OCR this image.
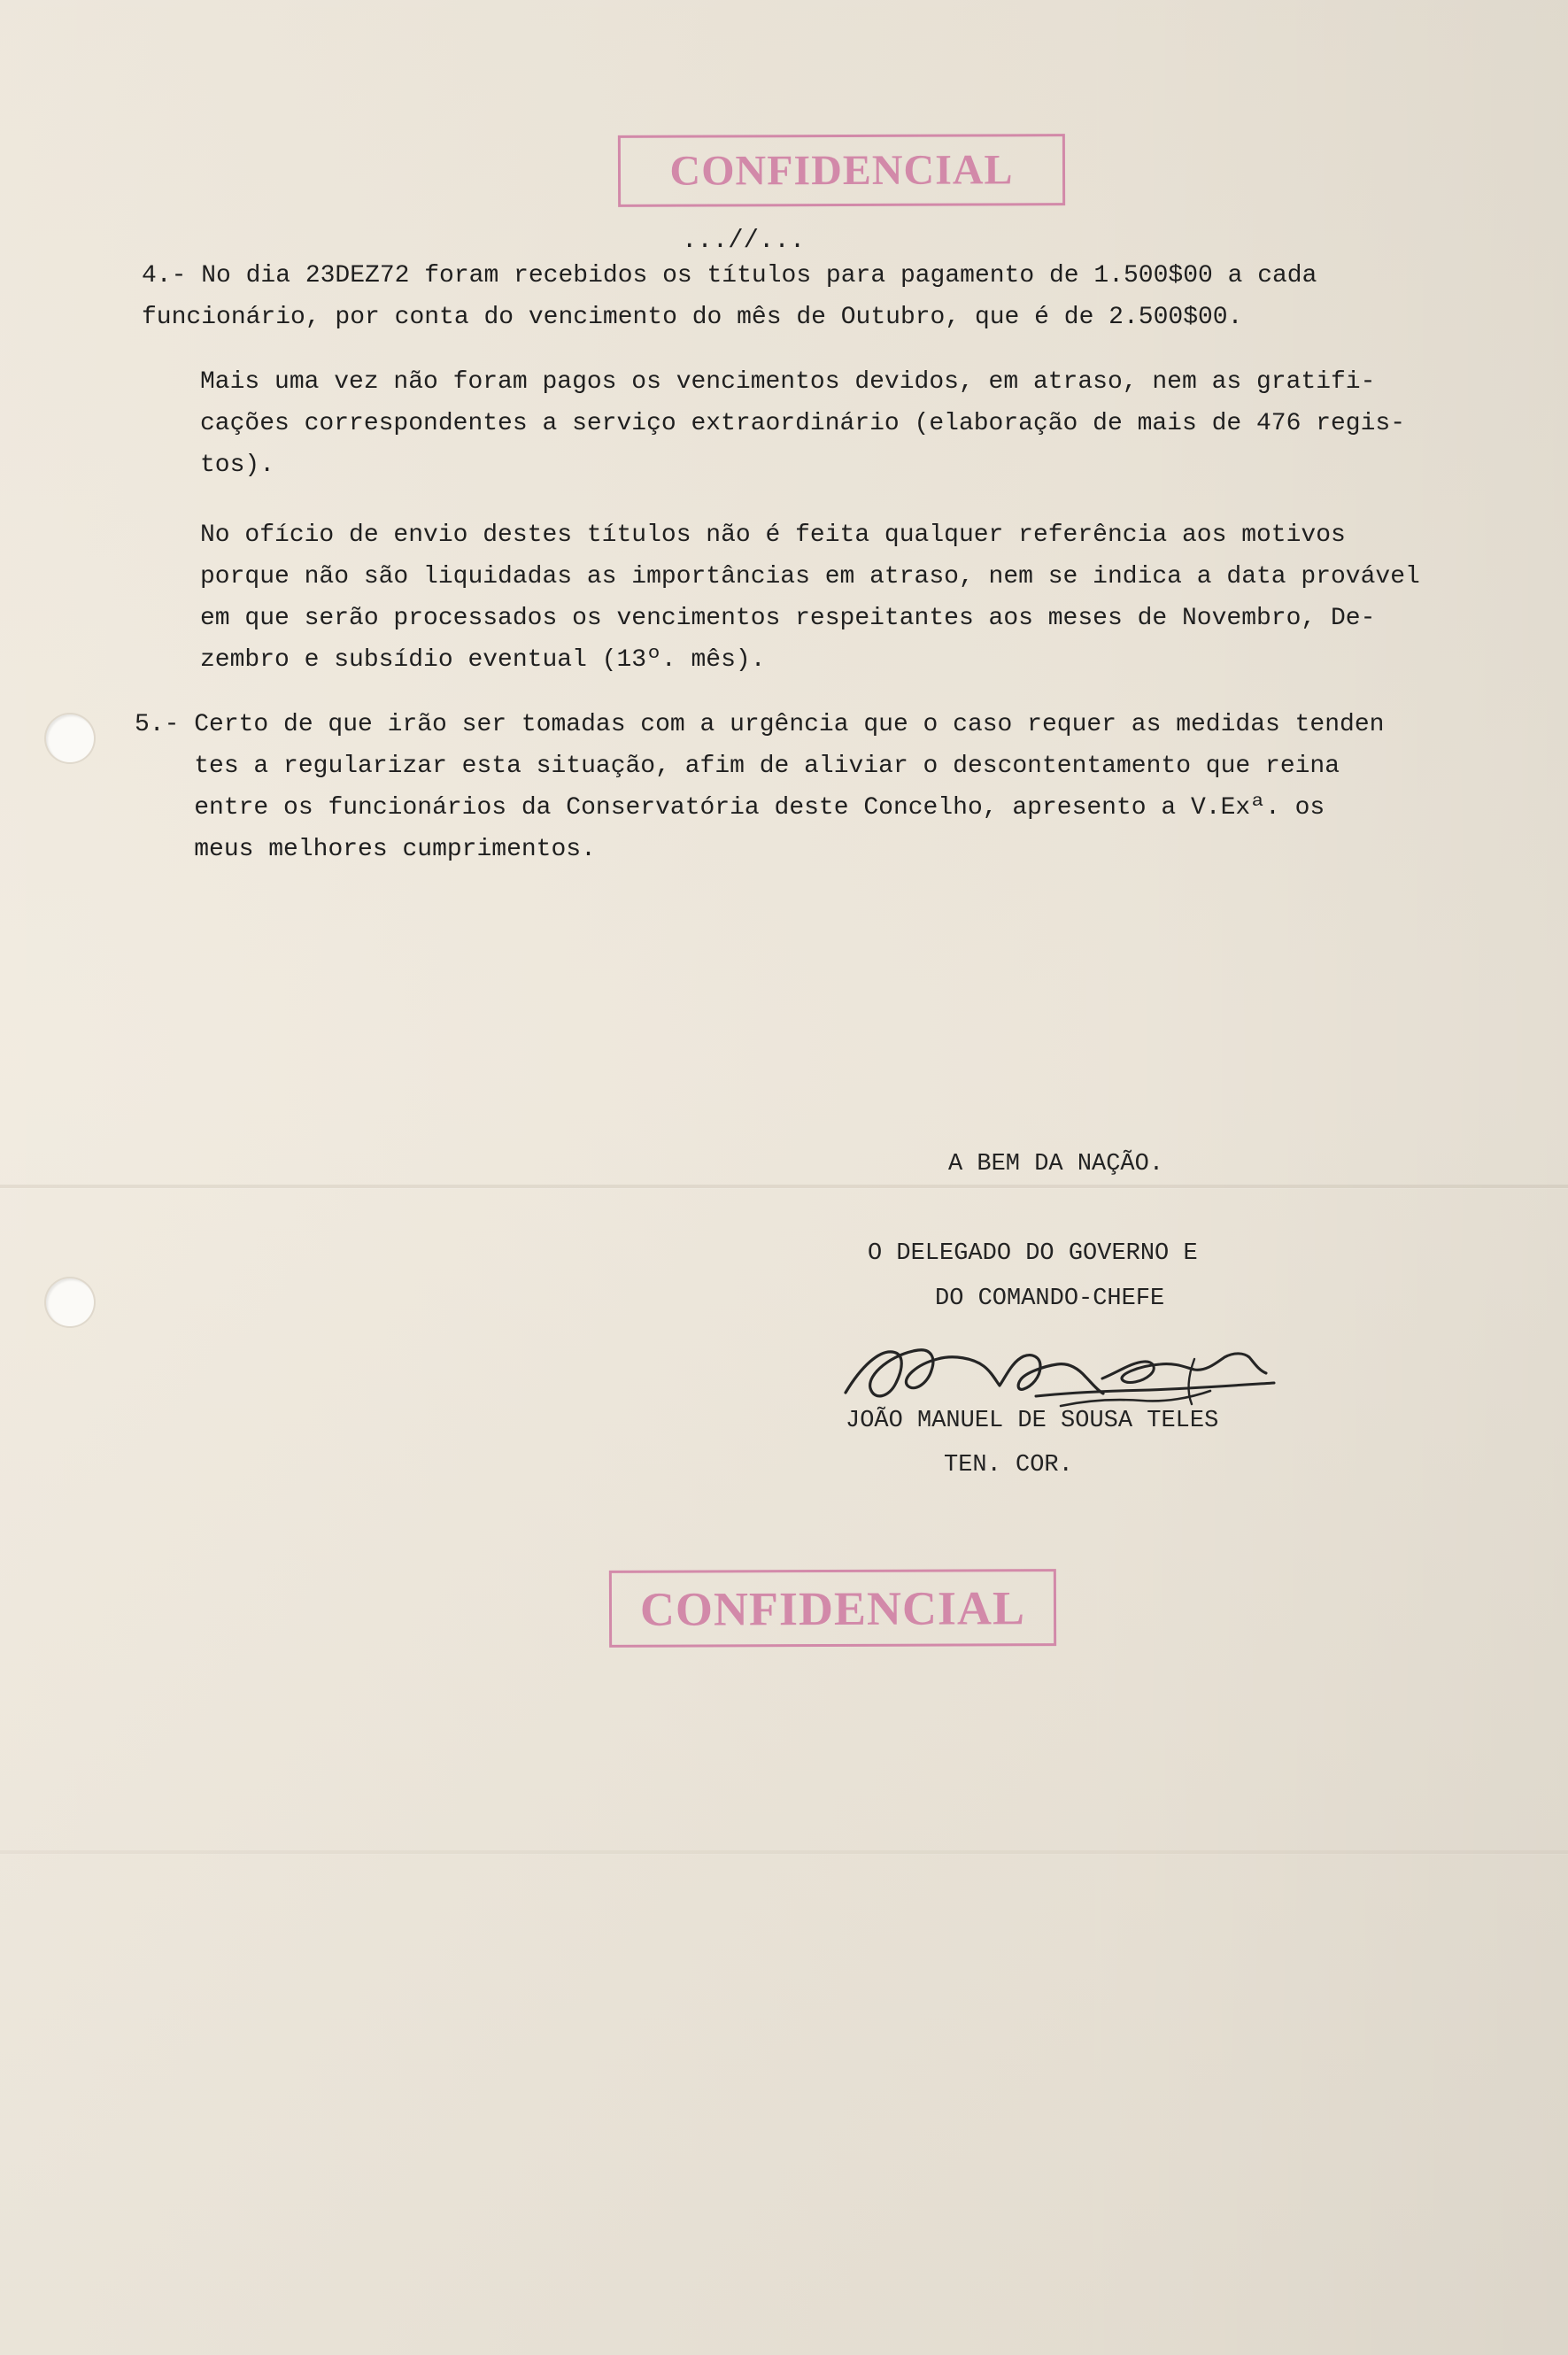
CONFIDENCIAL
...//...

4.- No dia 23DEZ72 foram recebidos os títulos para pagamento de 1.500$00 a cada
funcionário, por conta do vencimento do mês de Outubro, que é de 2.500$00.

Mais uma vez não foram pagos os vencimentos devidos, em atraso, nem as gratifi-
cações correspondentes a serviço extraordinário (elaboração de mais de 476 regis-
tos).

No ofício de envio destes títulos não é feita qualquer referência aos motivos
porque não são liquidadas as importâncias em atraso, nem se indica a data provável
em que serão processados os vencimentos respeitantes aos meses de Novembro, De-
zembro e subsídio eventual (13º. mês).

5.- Certo de que irão ser tomadas com a urgência que o caso requer as medidas tenden
tes a regularizar esta situação, afim de aliviar o descontentamento que reina
entre os funcionários da Conservatória deste Concelho, apresento a V.Exª. os
meus melhores cumprimentos.

A BEM DA NAÇÃO.
O DELEGADO DO GOVERNO E
DO COMANDO-CHEFE
JOÃO MANUEL DE SOUSA TELES
TEN. COR.
CONFIDENCIAL
